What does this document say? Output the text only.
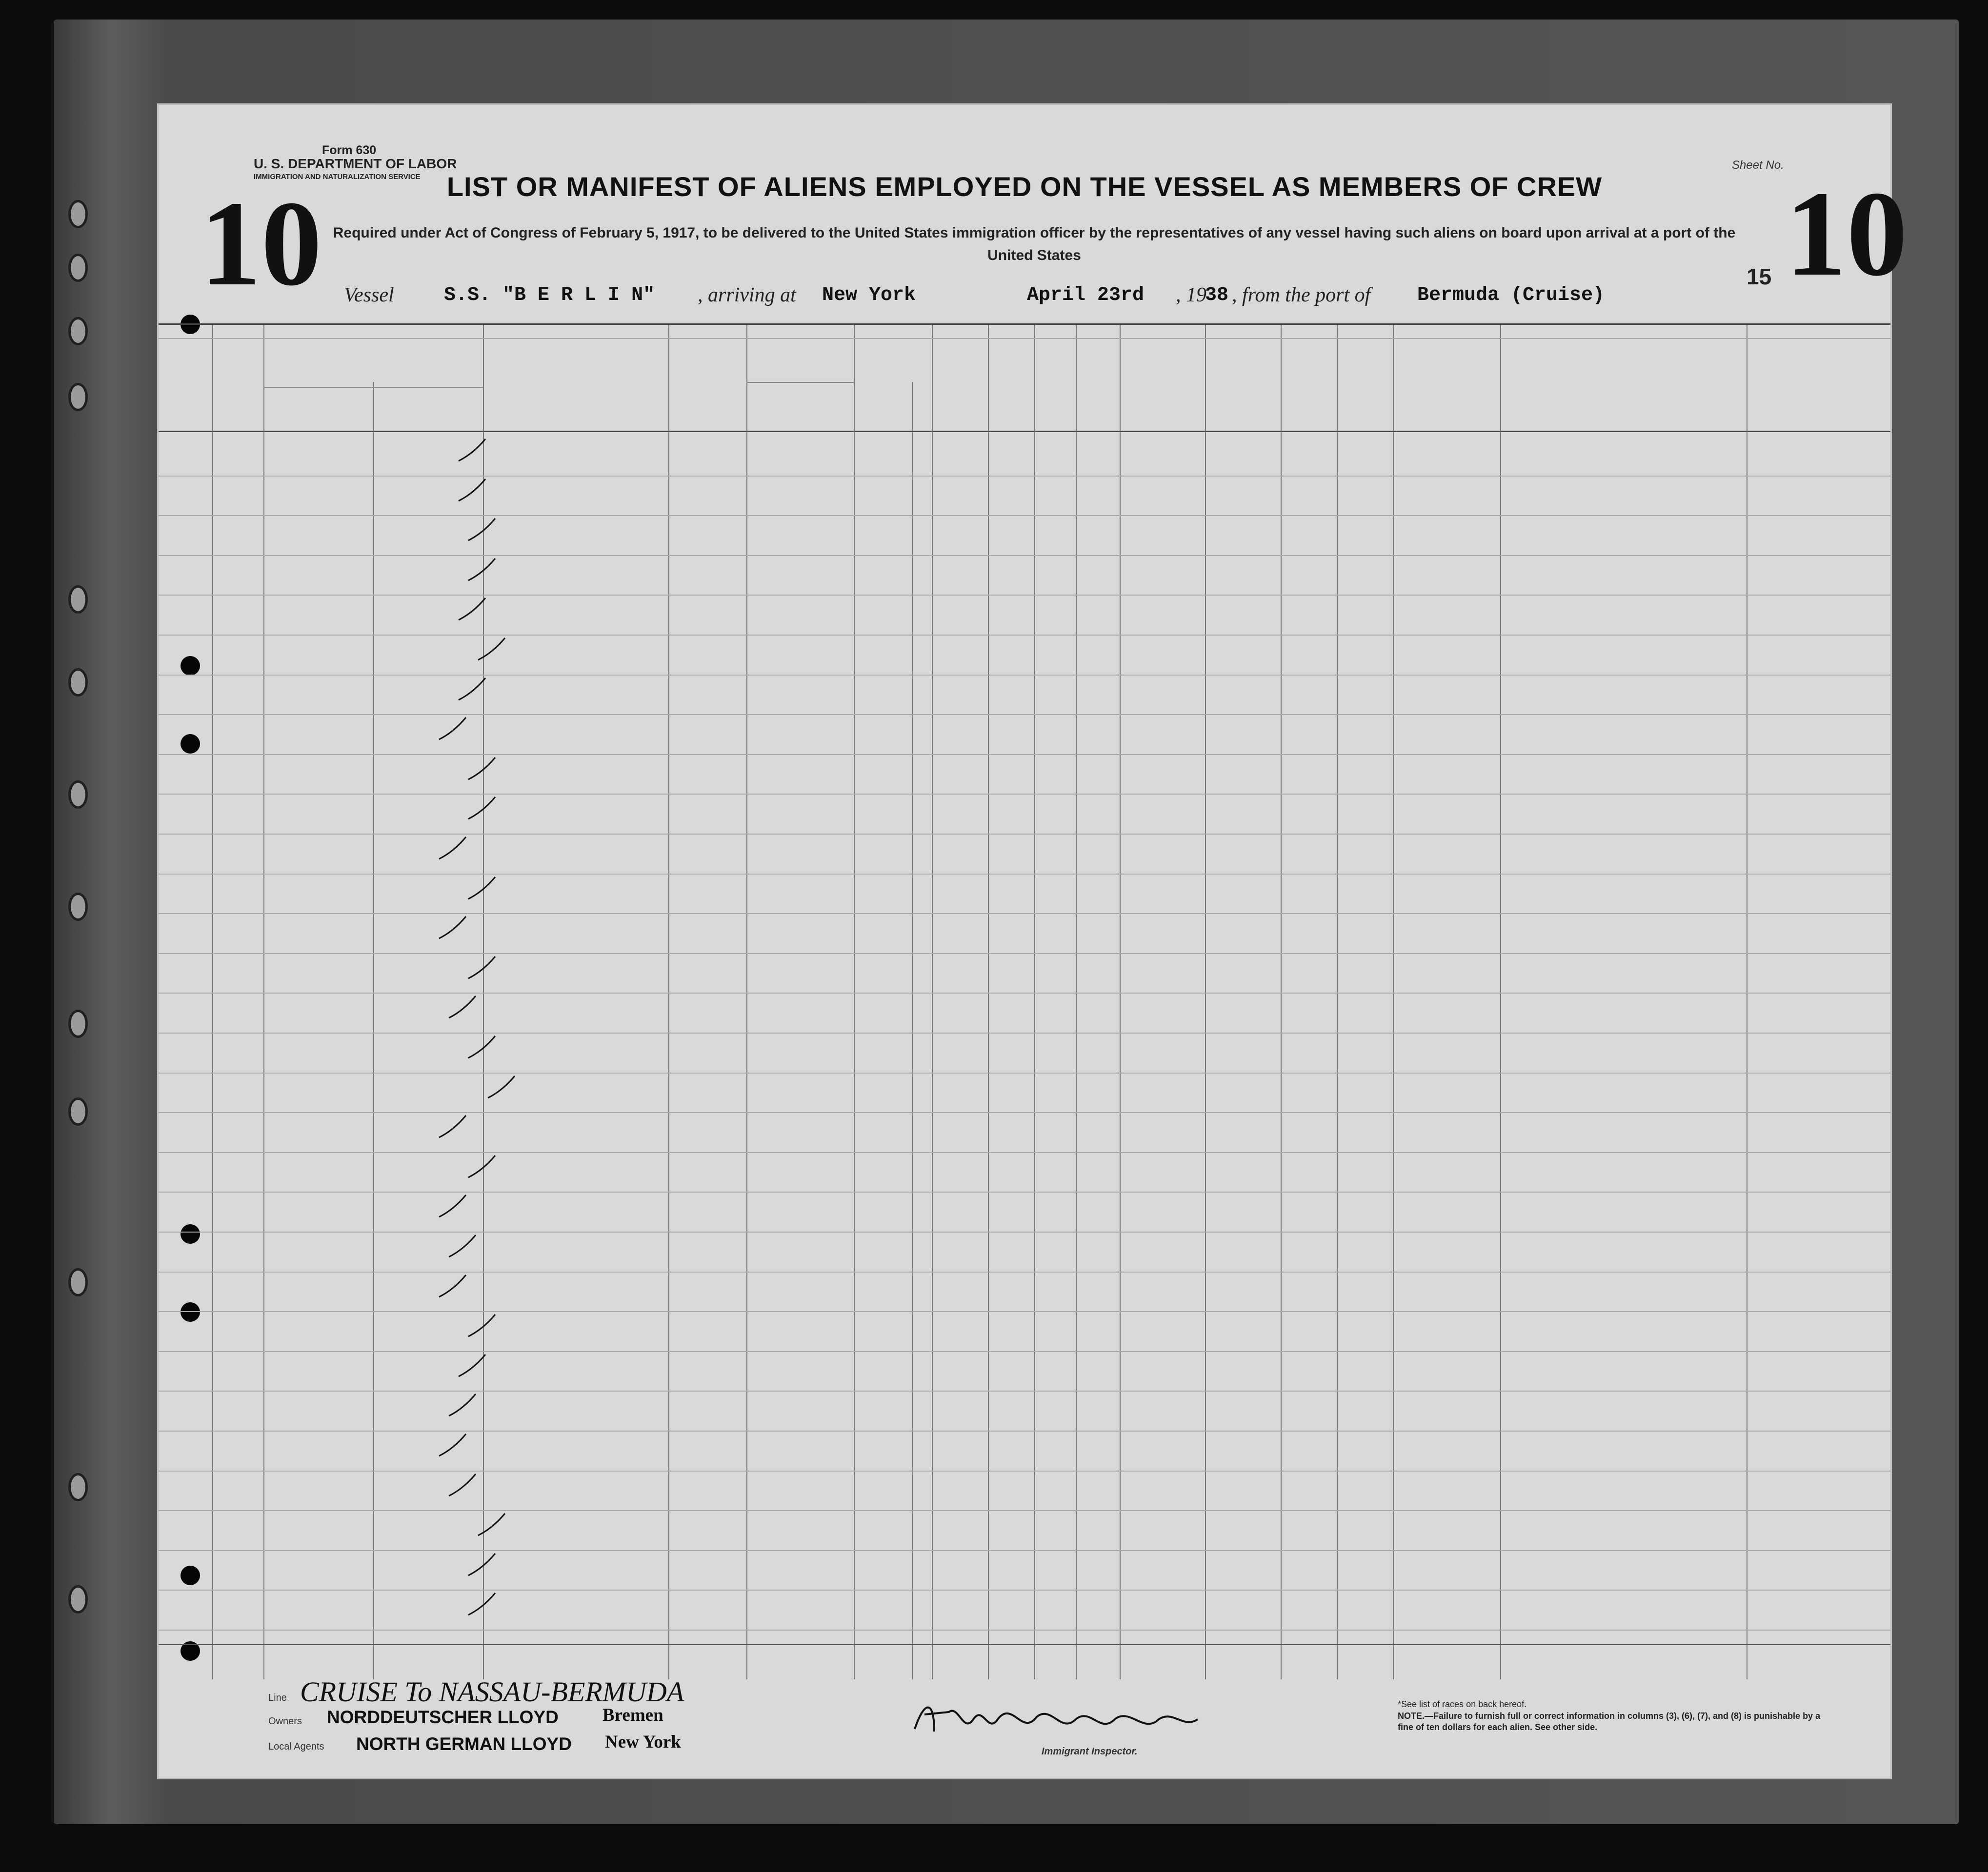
Form 630
U. S. DEPARTMENT OF LABOR
IMMIGRATION AND NATURALIZATION SERVICE
10	10
Sheet No.
15
LIST OR MANIFEST OF ALIENS EMPLOYED ON THE VESSEL AS MEMBERS OF CREW
Required under Act of Congress of February 5, 1917, to be delivered to the United States immigration officer by the representatives of any vessel having such aliens on board upon arrival at a port of the United States
Vessel	S.S. "B E R L I N" , arriving at New York	April 23rd , 19
38 , from the port of Bermuda (Cruise)
Line CRUISE To NASSAU-BERMUDA
Owners NORDDEUTSCHER LLOYD Bremen
Local Agents NORTH GERMAN LLOYD New York	Immigrant Inspector.
*See list of races on back hereof.
NOTE.—Failure to furnish full or correct information in columns (3), (6), (7), and (8) is punishable by a fine of ten dollars for each alien. See other side.
